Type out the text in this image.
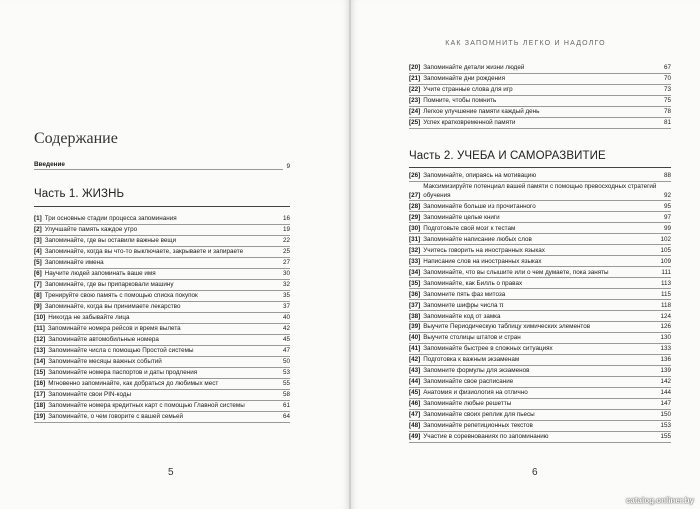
Содержание
Введение	9
Часть 1. ЖИЗНЬ
[1] Три основные стадии процесса запоминания	16
[2] Улучшайте память каждое утро	19
[3] Запоминайте, где вы оставили важные вещи	22
[4] Запоминайте, когда вы что-то выключаете, закрываете и запираете	25
[5] Запоминайте имена	27
[6] Научите людей запоминать ваше имя	30
[7] Запоминайте, где вы припарковали машину	32
[8] Тренируйте свою память с помощью списка покупок	35
[9] Запоминайте, когда вы принимаете лекарство	37
[10] Никогда не забывайте лица	40
[11] Запоминайте номера рейсов и время вылета	42
[12] Запоминайте автомобильные номера	45
[13] Запоминайте числа с помощью Простой системы	47
[14] Запоминайте месяцы важных событий	50
[15] Запоминайте номера паспортов и даты продления	53
[16] Мгновенно запоминайте, как добраться до любимых мест	55
[17] Запоминайте свои PIN-коды	58
[18] Запоминайте номера кредитных карт с помощью Главной системы	61
[19] Запоминайте, о чем говорите с вашей семьей	64
5
КАК ЗАПОМНИТЬ ЛЕГКО И НАДОЛГО
[20] Запоминайте детали жизни людей	67
[21] Запоминайте дни рождения	70
[22] Учите странные слова для игр	73
[23] Помните, чтобы помнить	75
[24] Легкое улучшение памяти каждый день	78
[25] Успех кратковременной памяти	81
Часть 2. УЧЕБА И САМОРАЗВИТИЕ
[26] Запоминайте, опираясь на мотивацию	88
[27]
Максимизируйте потенциал вашей памяти с помощью превосходных стратегий обучения	92
[28] Запоминайте больше из прочитанного	95
[29] Запоминайте целые книги	97
[30] Подготовьте свой мозг к тестам	99
[31] Запоминайте написание любых слов	102
[32] Учитесь говорить на иностранных языках	105
[33] Написание слов на иностранных языках	109
[34] Запоминайте, что вы слышите или о чем думаете, пока заняты	111
[35] Запоминайте, как Билль о правах	113
[36] Запомните пять фаз митоза	115
[37] Запомните шифры числа π	118
[38] Запоминайте код от замка	124
[39] Выучите Периодическую таблицу химических элементов	126
[40] Выучите столицы штатов и стран	130
[41] Запоминайте быстрее в сложных ситуациях	133
[42] Подготовка к важным экзаменам	136
[43] Запомните формулы для экзаменов	139
[44] Запоминайте свое расписание	142
[45] Анатомия и физиология на отлично	144
[46] Запоминайте любые решетты	147
[47] Запоминайте своих реплик для пьесы	150
[48] Запоминайте репетиционных текстов	153
[49] Участие в соревнованиях по запоминанию	155
6
catalog.onliner.by
